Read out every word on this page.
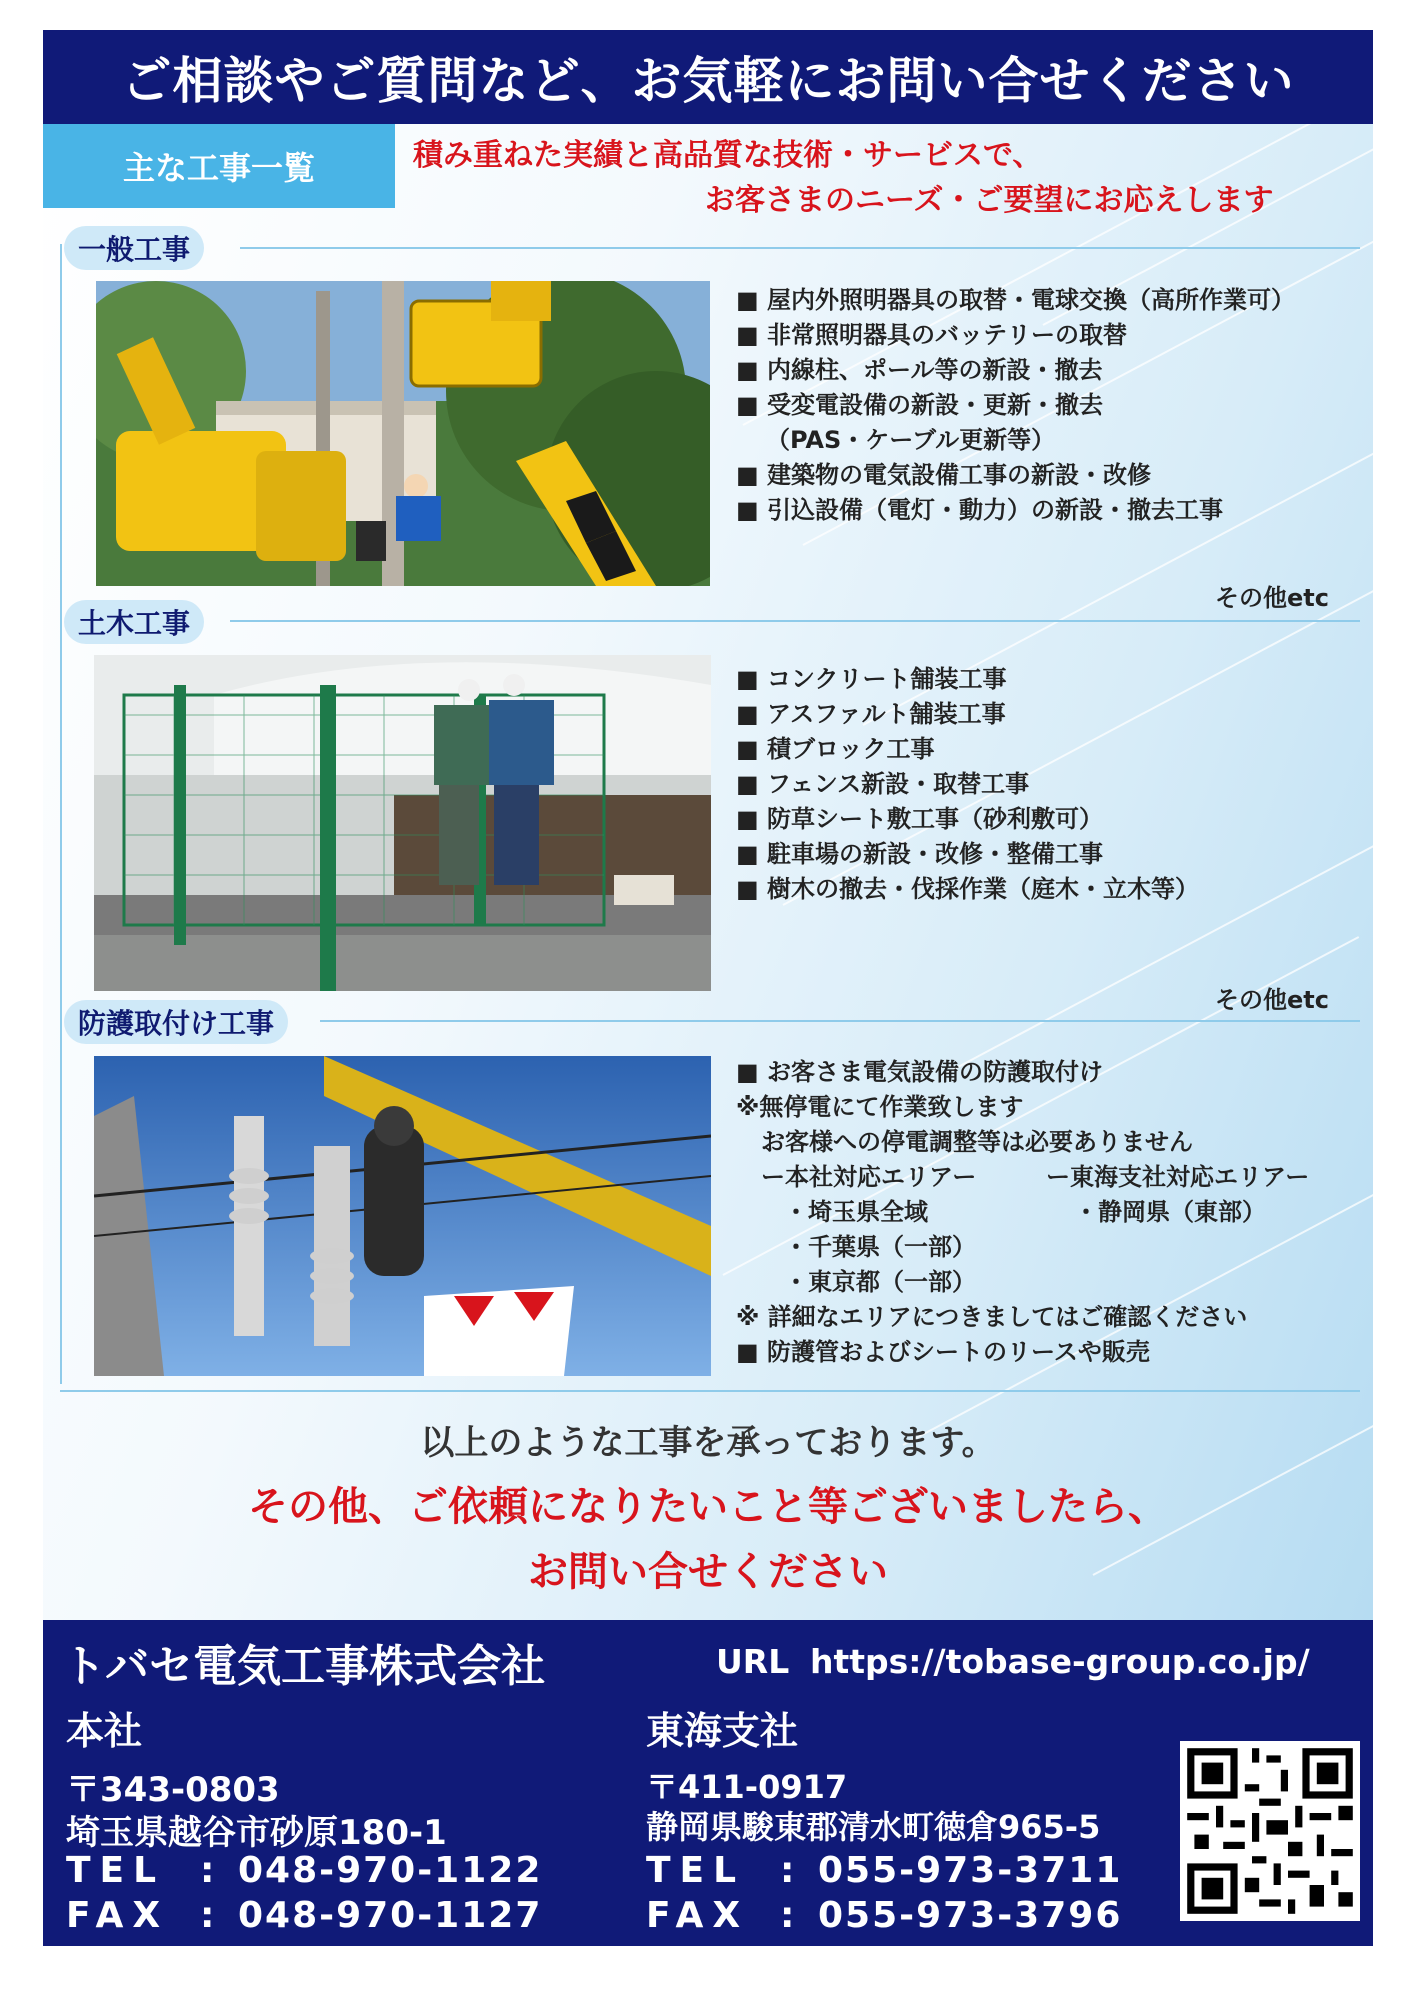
ご相談やご質問など、お気軽にお問い合せください
主な工事一覧	積み重ねた実績と高品質な技術・サービスで、
お客さまのニーズ・ご要望にお応えします
一般工事
■ 屋内外照明器具の取替・電球交換（高所作業可）
■ 非常照明器具のバッテリーの取替
■ 内線柱、ポール等の新設・撤去
■ 受変電設備の新設・更新・撤去
（PAS・ケーブル更新等）
■ 建築物の電気設備工事の新設・改修
■ 引込設備（電灯・動力）の新設・撤去工事
その他etc
土木工事
■ コンクリート舗装工事
■ アスファルト舗装工事
■ 積ブロック工事
■ フェンス新設・取替工事
■ 防草シート敷工事（砂利敷可）
■ 駐車場の新設・改修・整備工事
■ 樹木の撤去・伐採作業（庭木・立木等）
その他etc
防護取付け工事
■ お客さま電気設備の防護取付け
※無停電にて作業致します
お客様への停電調整等は必要ありません
ー本社対応エリアー	ー東海支社対応エリアー
・埼玉県全域	・静岡県（東部）
・千葉県（一部）
・東京都（一部）
※ 詳細なエリアにつきましてはご確認ください
■ 防護管およびシートのリースや販売
以上のような工事を承っております。
その他、ご依頼になりたいこと等ございましたら、
お問い合せください
トバセ電気工事株式会社	URL https://tobase-group.co.jp/
本社
〒343-0803
埼玉県越谷市砂原180-1
TEL : 048-970-1122
FAX : 048-970-1127
東海支社
〒411-0917
静岡県駿東郡清水町徳倉965-5
TEL : 055-973-3711
FAX : 055-973-3796
